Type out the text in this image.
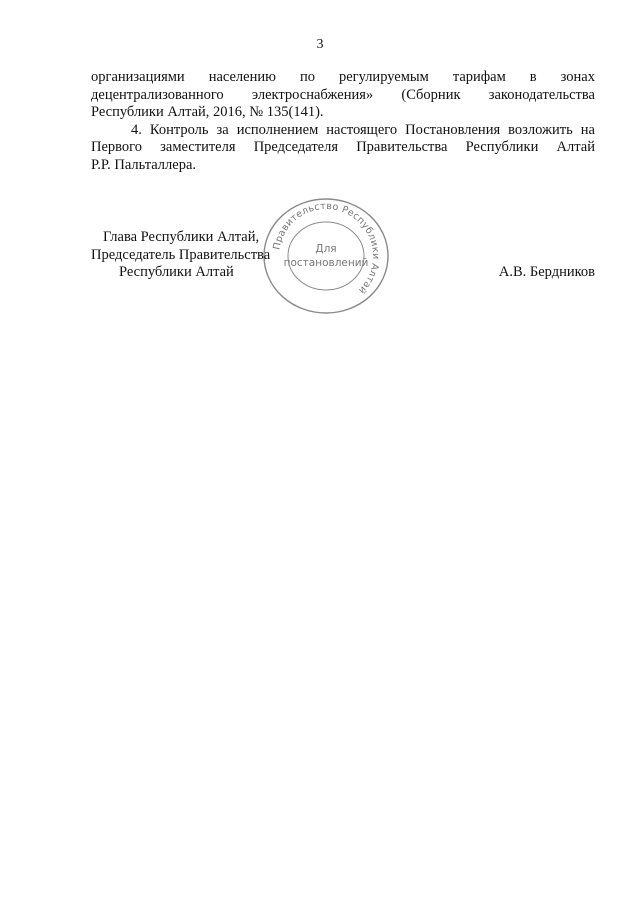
3
организациями населению по регулируемым тарифам в зонах
децентрализованного электроснабжения» (Сборник законодательства
Республики Алтай, 2016, № 135(141).
4. Контроль за исполнением настоящего Постановления возложить на
Первого заместителя Председателя Правительства Республики Алтай
Р.Р. Пальталлера.
Правительство Республики Алтай
Для
постановлений
Глава Республики Алтай,
Председатель Правительства
Республики Алтай	А.В. Бердников
